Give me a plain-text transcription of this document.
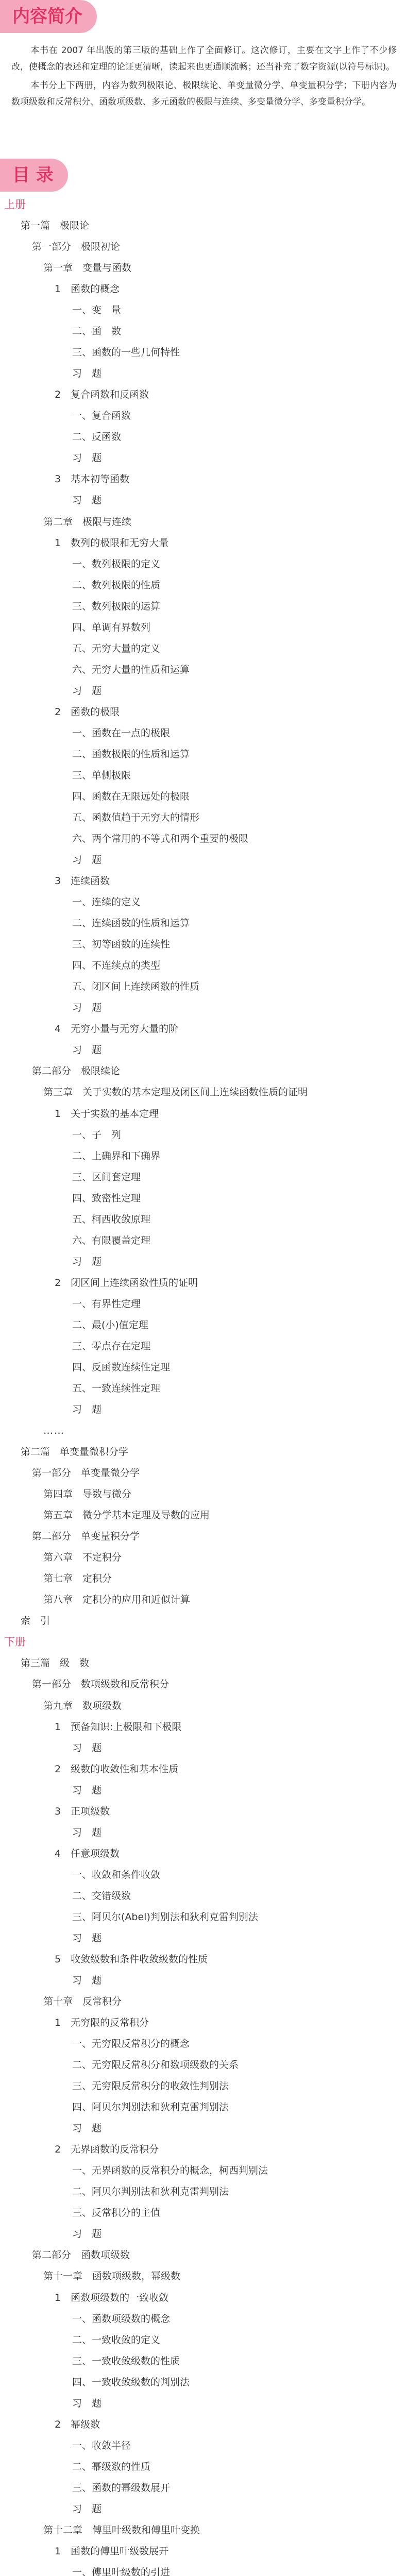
内容简介

本书在 2007 年出版的第三版的基础上作了全面修订。这次修订，主要在文字上作了不少修改，使概念的表述和定理的论证更清晰，读起来也更通顺流畅；还当补充了数字资源(以符号标识)。

本书分上下两册，内容为数列极限论、极限续论、单变量微分学、单变量积分学；下册内容为数项级数和反常积分、函数项级数、多元函数的极限与连续、多变量微分学、多变量积分学。

目 录
上册
第一篇　极限论
第一部分　极限初论
第一章　变量与函数
1　函数的概念
一、变　量
二、函　数
三、函数的一些几何特性
习　题
2　复合函数和反函数
一、复合函数
二、反函数
习　题
3　基本初等函数
习　题
第二章　极限与连续
1　数列的极限和无穷大量
一、数列极限的定义
二、数列极限的性质
三、数列极限的运算
四、单调有界数列
五、无穷大量的定义
六、无穷大量的性质和运算
习　题
2　函数的极限
一、函数在一点的极限
二、函数极限的性质和运算
三、单侧极限
四、函数在无限远处的极限
五、函数值趋于无穷大的情形
六、两个常用的不等式和两个重要的极限
习　题
3　连续函数
一、连续的定义
二、连续函数的性质和运算
三、初等函数的连续性
四、不连续点的类型
五、闭区间上连续函数的性质
习　题
4　无穷小量与无穷大量的阶
习　题
第二部分　极限续论
第三章　关于实数的基本定理及闭区间上连续函数性质的证明
1　关于实数的基本定理
一、子　列
二、上确界和下确界
三、区间套定理
四、致密性定理
五、柯西收敛原理
六、有限覆盖定理
习　题
2　闭区间上连续函数性质的证明
一、有界性定理
二、最(小)值定理
三、零点存在定理
四、反函数连续性定理
五、一致连续性定理
习　题
……
第二篇　单变量微积分学
第一部分　单变量微分学
第四章　导数与微分
第五章　微分学基本定理及导数的应用
第二部分　单变量积分学
第六章　不定积分
第七章　定积分
第八章　定积分的应用和近似计算
索　引
下册
第三篇　级　数
第一部分　数项级数和反常积分
第九章　数项级数
1　预备知识:上极限和下极限
习　题
2　级数的收敛性和基本性质
习　题
3　正项级数
习　题
4　任意项级数
一、收敛和条件收敛
二、交错级数
三、阿贝尔(Abel)判别法和狄利克雷判别法
习　题
5　收敛级数和条件收敛级数的性质
习　题
第十章　反常积分
1　无穷限的反常积分
一、无穷限反常积分的概念
二、无穷限反常积分和数项级数的关系
三、无穷限反常积分的收敛性判别法
四、阿贝尔判别法和狄利克雷判别法
习　题
2　无界函数的反常积分
一、无界函数的反常积分的概念，柯西判别法
二、阿贝尔判别法和狄利克雷判别法
三、反常积分的主值
习　题
第二部分　函数项级数
第十一章　函数项级数，幂级数
1　函数项级数的一致收敛
一、函数项级数的概念
二、一致收敛的定义
三、一致收敛级数的性质
四、一致收敛级数的判别法
习　题
2　幂级数
一、收敛半径
二、幂级数的性质
三、函数的幂级数展开
习　题
第十二章　傅里叶级数和傅里叶变换
1　函数的傅里叶级数展开
一、傅里叶级数的引进
